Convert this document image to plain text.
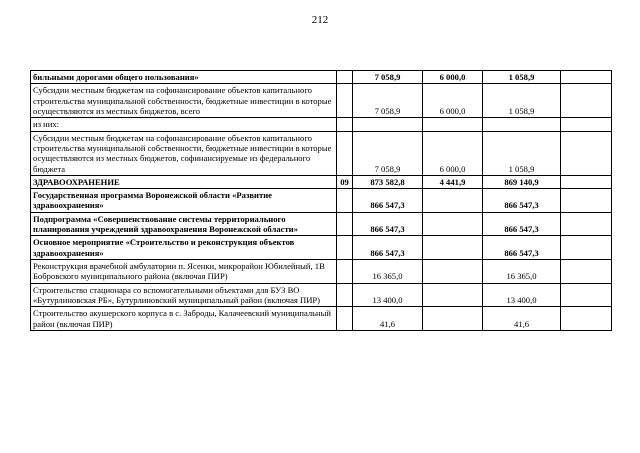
212
бильными дорогами общего пользования»		7 058,9	6 000,0	1 058,9	
Субсидии местным бюджетам на софинансирование объектов капитального строительства муниципальной собственности, бюджетные инвестиции в которые осуществляются из местных бюджетов, всего		7 058,9	6 000,0	1 058,9	
из них:					
Субсидии местным бюджетам на софинансирование объектов капитального строительства муниципальной собственности, бюджетные инвестиции в которые осуществляются из местных бюджетов, софинансируемые из федерального бюджета		7 058,9	6 000,0	1 058,9	
ЗДРАВООХРАНЕНИЕ	09	873 582,8	4 441,9	869 140,9	
Государственная программа Воронежской области «Развитие здравоохранения»		866 547,3		866 547,3	
Подпрограмма «Совершенствование системы территориального планирования учреждений здравоохранения Воронежской области»		866 547,3		866 547,3	
Основное мероприятие «Строительство и реконструкция объектов здравоохранения»		866 547,3		866 547,3	
Реконструкция врачебной амбулатории п. Ясенки, микрорайон Юбилейный, 1В Бобровского муниципального района (включая ПИР)		16 365,0		16 365,0	
Строительство стационара со вспомогательными объектами для БУЗ ВО «Бутурлиновская РБ», Бутурлиновский муниципальный район (включая ПИР)		13 400,0		13 400,0	
Строительство акушерского корпуса в с. Заброды, Калачеевский муниципальный район (включая ПИР)		41,6		41,6	
